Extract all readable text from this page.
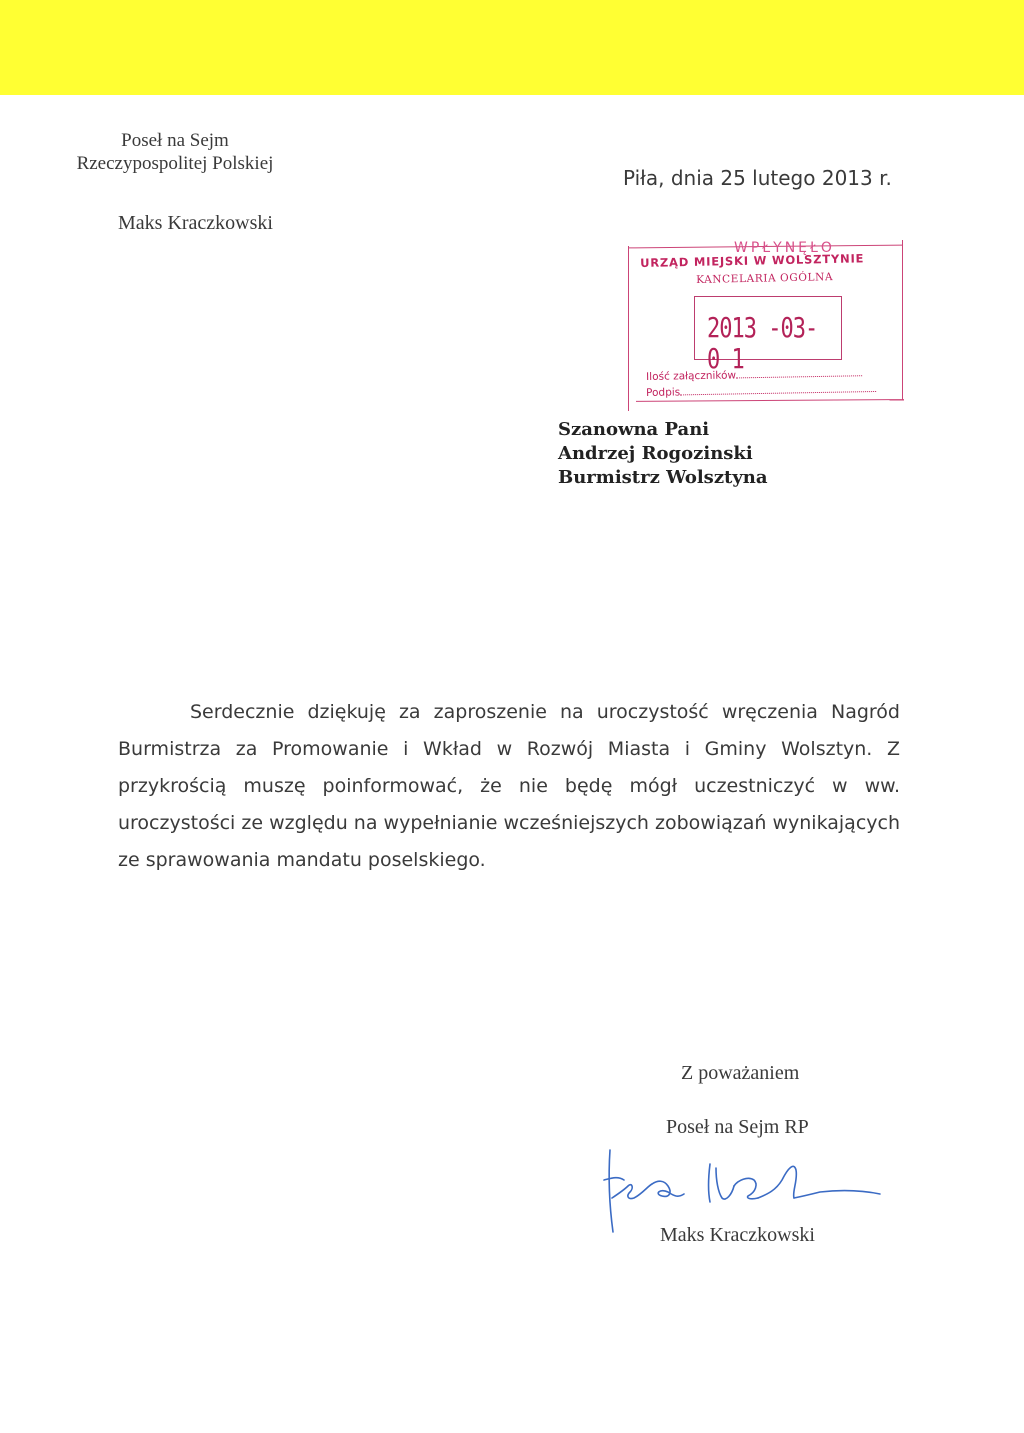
Poseł na Sejm
Rzeczypospolitej Polskiej
Maks Kraczkowski
Piła, dnia 25 lutego 2013 r.
WPŁYNĘŁO
URZĄD MIEJSKI W WOLSZTYNIE
KANCELARIA OGÓLNA
2013 -03- 0 1
Ilość załączników
Podpis
Szanowna Pani
Andrzej Rogozinski
Burmistrz Wolsztyna
Serdecznie dziękuję za zaproszenie na uroczystość wręczenia Nagród Burmistrza za Promowanie i Wkład w Rozwój Miasta i Gminy Wolsztyn. Z przykrością muszę poinformować, że nie będę mógł uczestniczyć w ww. uroczystości ze względu na wypełnianie wcześniejszych zobowiązań wynikających ze sprawowania mandatu poselskiego.
Z poważaniem
Poseł na Sejm RP
Maks Kraczkowski
